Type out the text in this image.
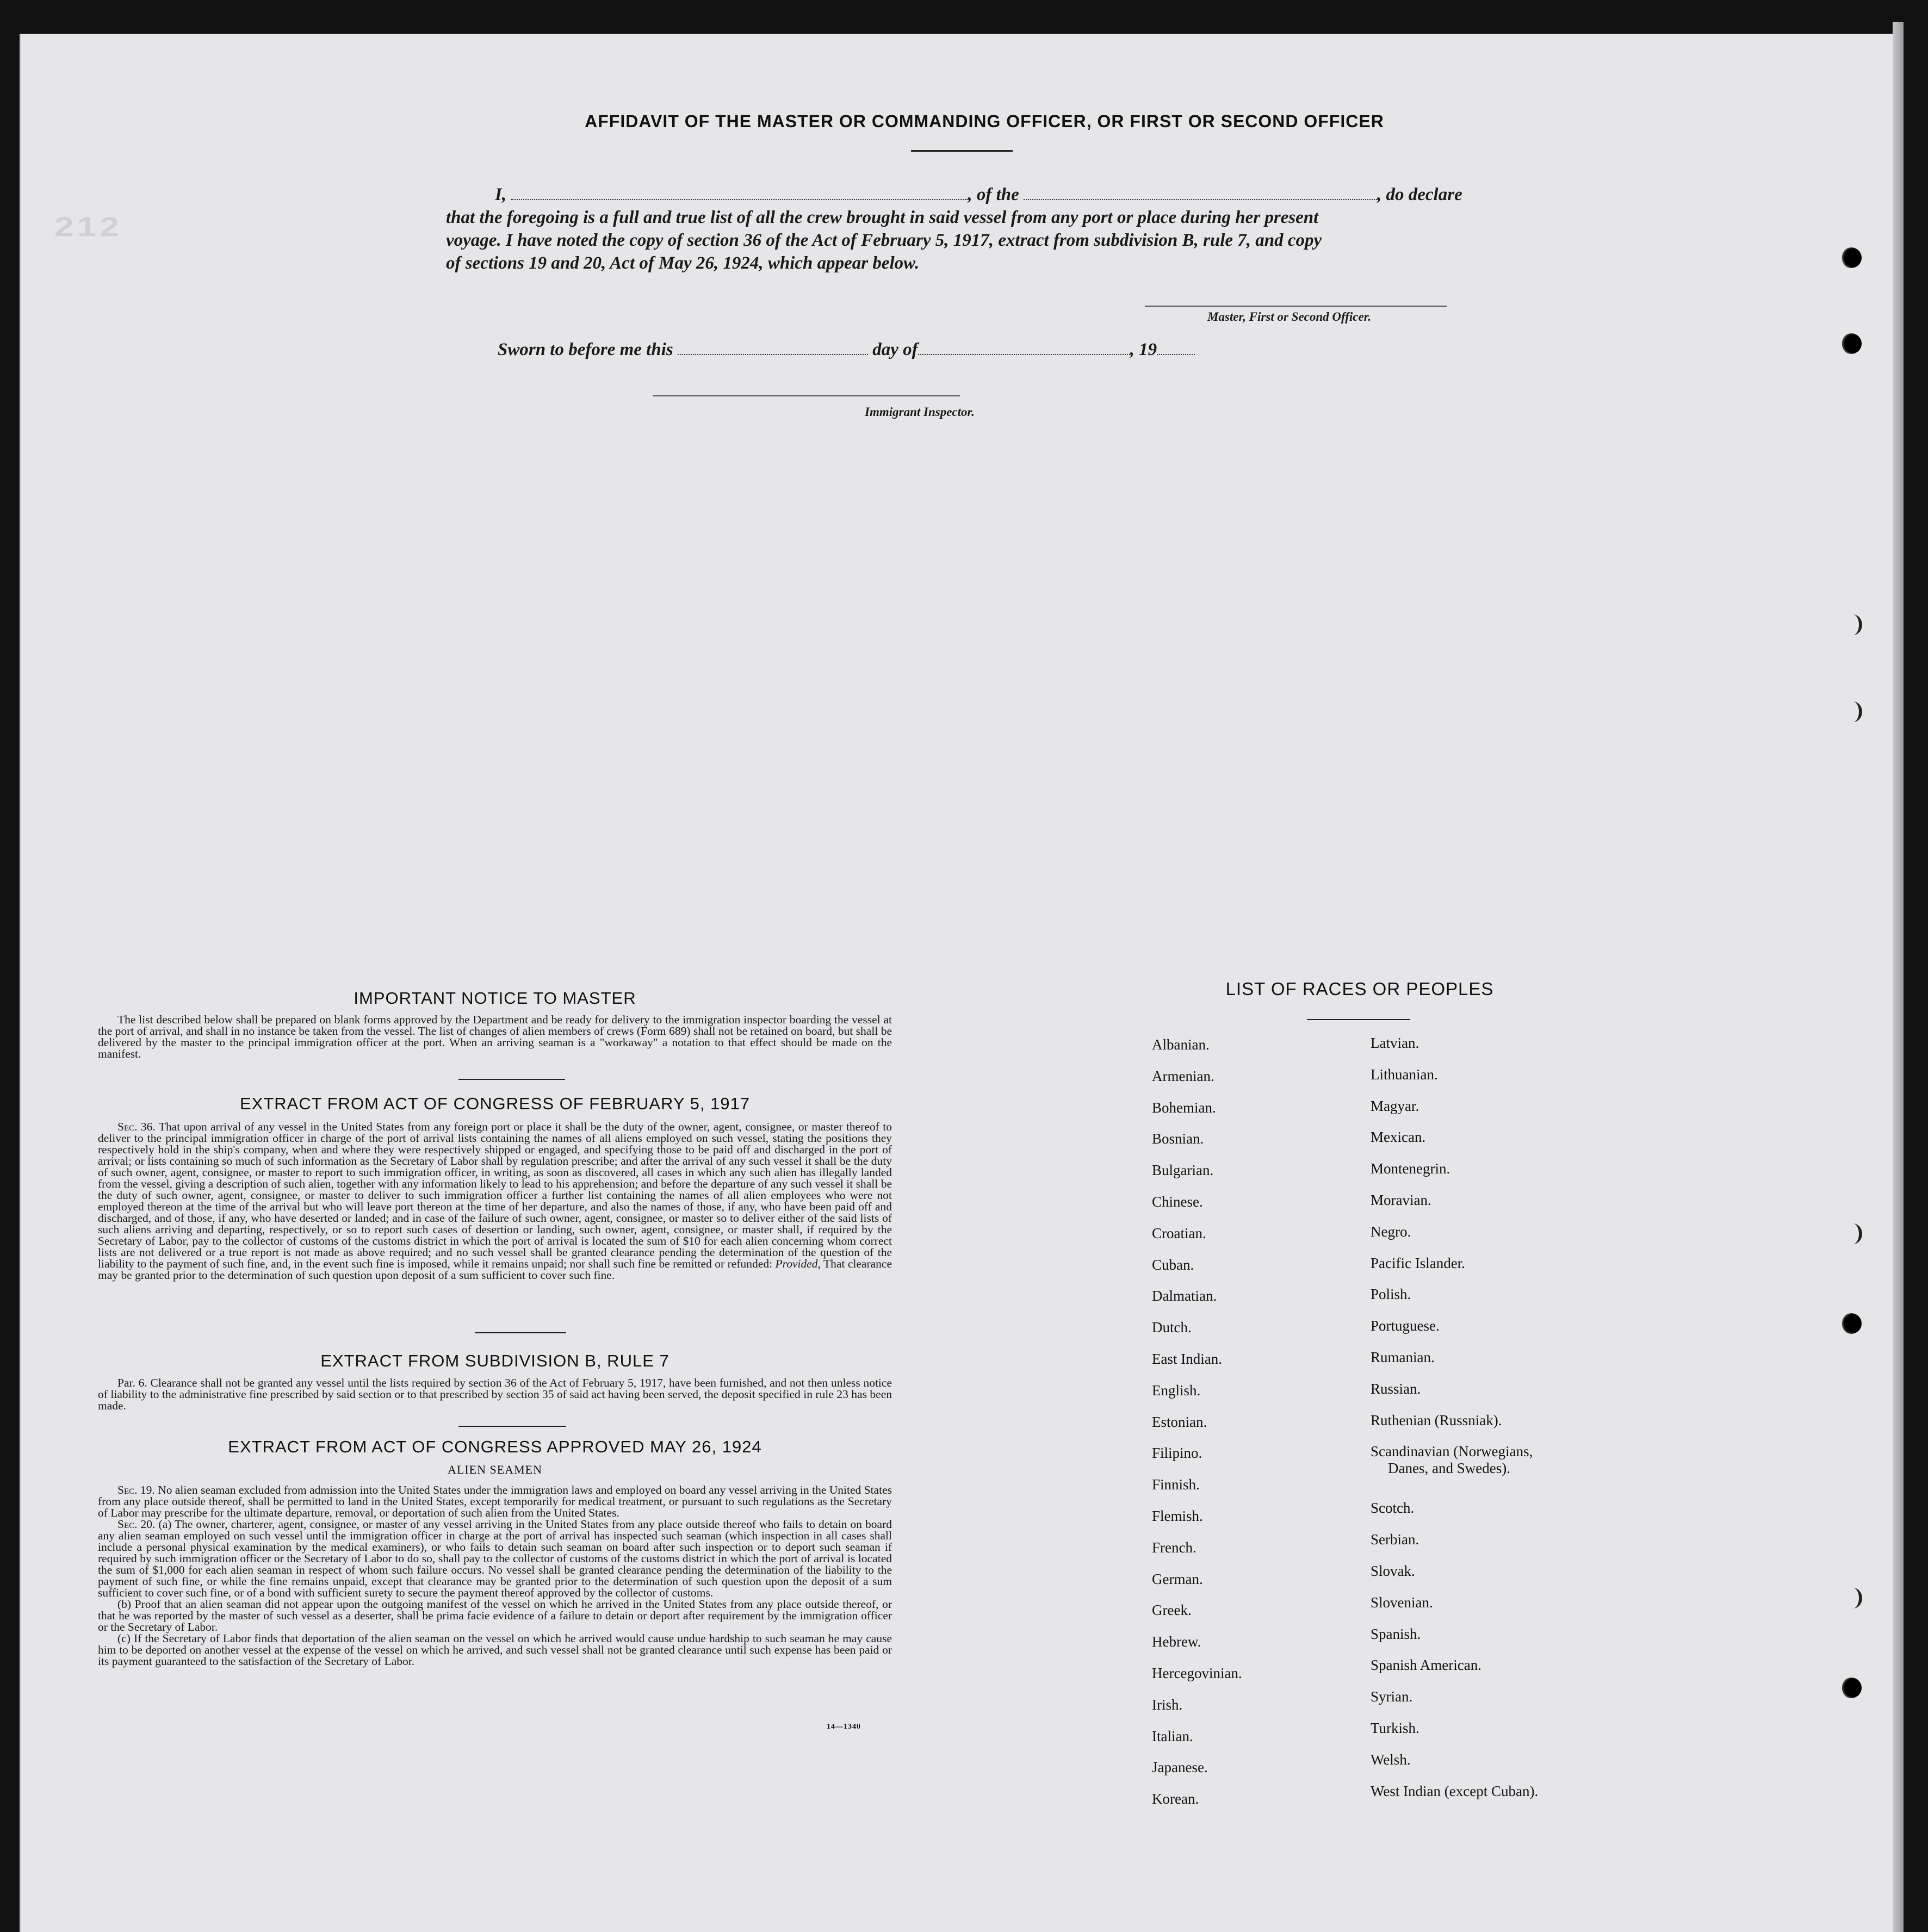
212
AFFIDAVIT OF THE MASTER OR COMMANDING OFFICER, OR FIRST OR SECOND OFFICER
I,	, of the	, do declare
that the foregoing is a full and true list of all the crew brought in said vessel from any port or place during her present
voyage. I have noted the copy of section 36 of the Act of February 5, 1917, extract from subdivision B, rule 7, and copy
of sections 19 and 20, Act of May 26, 1924, which appear below.
Master, First or Second Officer.
Sworn to before me this	day of	, 19
Immigrant Inspector.
IMPORTANT NOTICE TO MASTER

The list described below shall be prepared on blank forms approved by the Department and be ready for delivery to the immigration inspector boarding the vessel at the port of arrival, and shall in no instance be taken from the vessel. The list of changes of alien members of crews (Form 689) shall not be retained on board, but shall be delivered by the master to the principal immigration officer at the port. When an arriving seaman is a "workaway" a notation to that effect should be made on the manifest.

EXTRACT FROM ACT OF CONGRESS OF FEBRUARY 5, 1917

Sec. 36. That upon arrival of any vessel in the United States from any foreign port or place it shall be the duty of the owner, agent, consignee, or master thereof to deliver to the principal immigration officer in charge of the port of arrival lists containing the names of all aliens employed on such vessel, stating the positions they respectively hold in the ship's company, when and where they were respectively shipped or engaged, and specifying those to be paid off and discharged in the port of arrival; or lists containing so much of such information as the Secretary of Labor shall by regulation prescribe; and after the arrival of any such vessel it shall be the duty of such owner, agent, consignee, or master to report to such immigration officer, in writing, as soon as discovered, all cases in which any such alien has illegally landed from the vessel, giving a description of such alien, together with any information likely to lead to his apprehension; and before the departure of any such vessel it shall be the duty of such owner, agent, consignee, or master to deliver to such immigration officer a further list containing the names of all alien employees who were not employed thereon at the time of the arrival but who will leave port thereon at the time of her departure, and also the names of those, if any, who have been paid off and discharged, and of those, if any, who have deserted or landed; and in case of the failure of such owner, agent, consignee, or master so to deliver either of the said lists of such aliens arriving and departing, respectively, or so to report such cases of desertion or landing, such owner, agent, consignee, or master shall, if required by the Secretary of Labor, pay to the collector of customs of the customs district in which the port of arrival is located the sum of $10 for each alien concerning whom correct lists are not delivered or a true report is not made as above required; and no such vessel shall be granted clearance pending the determination of the question of the liability to the payment of such fine, and, in the event such fine is imposed, while it remains unpaid; nor shall such fine be remitted or refunded: Provided, That clearance may be granted prior to the determination of such question upon deposit of a sum sufficient to cover such fine.

EXTRACT FROM SUBDIVISION B, RULE 7

Par. 6. Clearance shall not be granted any vessel until the lists required by section 36 of the Act of February 5, 1917, have been furnished, and not then unless notice of liability to the administrative fine prescribed by said section or to that prescribed by section 35 of said act having been served, the deposit specified in rule 23 has been made.

EXTRACT FROM ACT OF CONGRESS APPROVED MAY 26, 1924
ALIEN SEAMEN

Sec. 19. No alien seaman excluded from admission into the United States under the immigration laws and employed on board any vessel arriving in the United States from any place outside thereof, shall be permitted to land in the United States, except temporarily for medical treatment, or pursuant to such regulations as the Secretary of Labor may prescribe for the ultimate departure, removal, or deportation of such alien from the United States.

Sec. 20. (a) The owner, charterer, agent, consignee, or master of any vessel arriving in the United States from any place outside thereof who fails to detain on board any alien seaman employed on such vessel until the immigration officer in charge at the port of arrival has inspected such seaman (which inspection in all cases shall include a personal physical examination by the medical examiners), or who fails to detain such seaman on board after such inspection or to deport such seaman if required by such immigration officer or the Secretary of Labor to do so, shall pay to the collector of customs of the customs district in which the port of arrival is located the sum of $1,000 for each alien seaman in respect of whom such failure occurs. No vessel shall be granted clearance pending the determination of the liability to the payment of such fine, or while the fine remains unpaid, except that clearance may be granted prior to the determination of such question upon the deposit of a sum sufficient to cover such fine, or of a bond with sufficient surety to secure the payment thereof approved by the collector of customs.

(b) Proof that an alien seaman did not appear upon the outgoing manifest of the vessel on which he arrived in the United States from any place outside thereof, or that he was reported by the master of such vessel as a deserter, shall be prima facie evidence of a failure to detain or deport after requirement by the immigration officer or the Secretary of Labor.

(c) If the Secretary of Labor finds that deportation of the alien seaman on the vessel on which he arrived would cause undue hardship to such seaman he may cause him to be deported on another vessel at the expense of the vessel on which he arrived, and such vessel shall not be granted clearance until such expense has been paid or its payment guaranteed to the satisfaction of the Secretary of Labor.

14—1340
LIST OF RACES OR PEOPLES
Albanian.
Armenian.
Bohemian.
Bosnian.
Bulgarian.
Chinese.
Croatian.
Cuban.
Dalmatian.
Dutch.
East Indian.
English.
Estonian.
Filipino.
Finnish.
Flemish.
French.
German.
Greek.
Hebrew.
Hercegovinian.
Irish.
Italian.
Japanese.
Korean.
Latvian.
Lithuanian.
Magyar.
Mexican.
Montenegrin.
Moravian.
Negro.
Pacific Islander.
Polish.
Portuguese.
Rumanian.
Russian.
Ruthenian (Russniak).
Scandinavian (Norwegians,
Danes, and Swedes).
Scotch.
Serbian.
Slovak.
Slovenian.
Spanish.
Spanish American.
Syrian.
Turkish.
Welsh.
West Indian (except Cuban).
